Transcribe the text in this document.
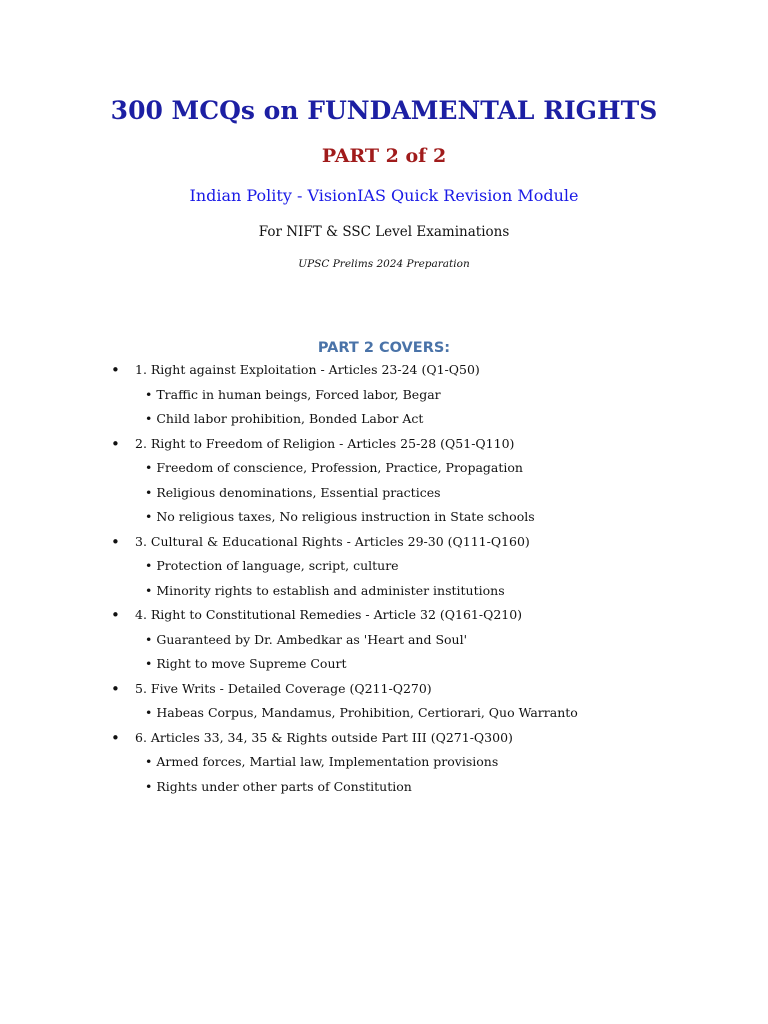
300 MCQs on FUNDAMENTAL RIGHTS
PART 2 of 2
Indian Polity - VisionIAS Quick Revision Module
For NIFT & SSC Level Examinations
UPSC Prelims 2024 Preparation
PART 2 COVERS:
• 1. Right against Exploitation - Articles 23-24 (Q1-Q50)
• Traffic in human beings, Forced labor, Begar
• Child labor prohibition, Bonded Labor Act
• 2. Right to Freedom of Religion - Articles 25-28 (Q51-Q110)
• Freedom of conscience, Profession, Practice, Propagation
• Religious denominations, Essential practices
• No religious taxes, No religious instruction in State schools
• 3. Cultural & Educational Rights - Articles 29-30 (Q111-Q160)
• Protection of language, script, culture
• Minority rights to establish and administer institutions
• 4. Right to Constitutional Remedies - Article 32 (Q161-Q210)
• Guaranteed by Dr. Ambedkar as 'Heart and Soul'
• Right to move Supreme Court
• 5. Five Writs - Detailed Coverage (Q211-Q270)
• Habeas Corpus, Mandamus, Prohibition, Certiorari, Quo Warranto
• 6. Articles 33, 34, 35 & Rights outside Part III (Q271-Q300)
• Armed forces, Martial law, Implementation provisions
• Rights under other parts of Constitution
